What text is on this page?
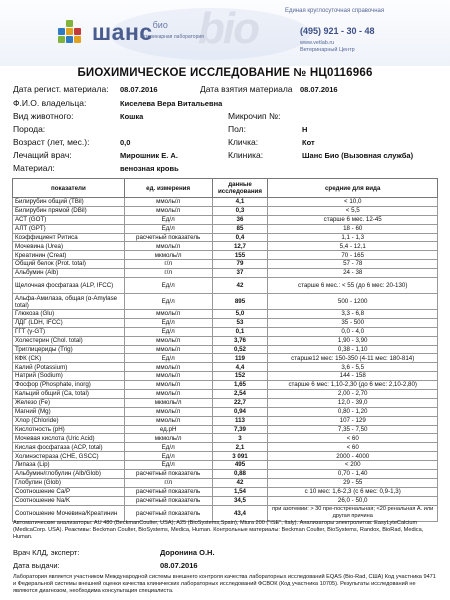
bio
шанс био
ветеринарная лаборатория
Единая круглосуточная справочная
(495) 921 - 30 - 48
www.vetlab.ru
Ветеринарный Центр
БИОХИМИЧЕСКОЕ ИССЛЕДОВАНИЕ № НЦ0116966
Дата регист. материала: 08.07.2016	Дата взятия материала 08.07.2016
Ф.И.О. владельца:	Киселева Вера Витальевна
Вид животного:	Кошка	Микрочип №:
Порода:	Пол:	Н
Возраст (лет, мес.):	0,0	Кличка:	Кот
Лечащий врач:	Мирошник Е. А.	Клиника:	Шанс Био (Вызовная служба)
Материал:	венозная кровь
показатели	ед. измерения	данные исследования	средние для вида
Билирубин общий (TBil)	ммоль/л	4,1	< 10,0
Билирубин прямой (DBil)	ммоль/л	0,3	< 5,5
АСТ (GOT)	Ед/л	36	старше 6 мес. 12-45
АЛТ (GPT)	Ед/л	85	18 - 60
Коэффициент Ритиса	расчетный показатель	0,4	1,1 - 1,3
Мочевина (Urea)	ммоль/л	12,7	5,4 - 12,1
Креатинин (Creat)	мкмоль/л	155	70 - 165
Общий белок (Prot. total)	г/л	79	57 - 78
Альбумин (Alb)	г/л	37	24 - 38
Щелочная фосфатаза (ALP, IFCC)	Ед/л	42	старше 6 мес.: < 55 (до 6 мес: 20-130)
Альфа-Амилаза, общая (α-Amylase total)	Ед/л	895	500 - 1200
Глюкоза (Glu)	ммоль/л	5,0	3,3 - 6,8
ЛДГ (LDH, IFCC)	Ед/л	53	35 - 500
ГГТ (γ-GT)	Ед/л	0,1	0,0 - 4,0
Холестерин (Chol. total)	ммоль/л	3,76	1,90 - 3,90
Триглицериды (Trig)	ммоль/л	0,52	0,38 - 1,10
КФК (CK)	Ед/л	119	старше12 мес: 150-350 (4-11 мес: 180-814)
Калий (Potassium)	ммоль/л	4,4	3,6 - 5,5
Натрий (Sodium)	ммоль/л	152	144 - 158
Фосфор (Phosphate, inorg)	ммоль/л	1,65	старше 6 мес: 1,10-2,30 (до 6 мес: 2,10-2,80)
Кальций общий (Ca, total)	ммоль/л	2,54	2,00 - 2,70
Железо (Fe)	мкмоль/л	22,7	12,0 - 39,0
Магний (Mg)	ммоль/л	0,94	0,80 - 1,20
Хлор (Chloride)	ммоль/л	113	107 - 129
Кислотность (pH)	ед.pH	7,39	7,35 - 7,50
Мочевая кислота (Uric Acid)	мкмоль/л	3	< 60
Кислая фосфатаза (ACP, total)	Ед/л	2,1	< 60
Холинэстераза (CHE, GSCC)	Ед/л	3 091	2000 - 4000
Липаза (Lip)	Ед/л	495	< 200
Альбумин/глобулин (Alb/Glob)	расчетный показатель	0,88	0,70 - 1,40
Глобулин (Glob)	г/л	42	29 - 55
Соотношение Ca/P	расчетный показатель	1,54	с 10 мес: 1,6-2,3 (с 6 мес: 0,9-1,3)
Соотношение Na/K	расчетный показатель	34,5	26,0 - 50,0
Соотношение Мочевина/Креатинин	расчетный показатель	43,4	при азотемии: > 30 пре-постренальная; <20 ренальная А. или другая причина
Автоматические анализаторы: AU 480 (BeckmanCoulter, USA); A25 (BioSystems,Spain), Miura 200 ("ISE", Italy). Анализаторы электролитов: EasyLyteCalcium (MedicaCorp. USA). Реактивы: Beckman Coulter, BioSystems, Medica, Human. Контрольные материалы: Beckman Coulter, BioSystems, Randox, BioRad, Medica, Human.
Врач КЛД, эксперт:	Доронина О.Н.
Дата выдачи:	08.07.2016
Лаборатория является участником Международной системы внешнего контроля качества лабораторных исследований EQAS (Bio-Rad, США) Код участника 9471 и Федеральной системы внешней оценки качества клинических лабораторных исследований ФСВОК (Код участника 10705). Результаты исследований не являются диагнозом, необходима консультация специалиста.
